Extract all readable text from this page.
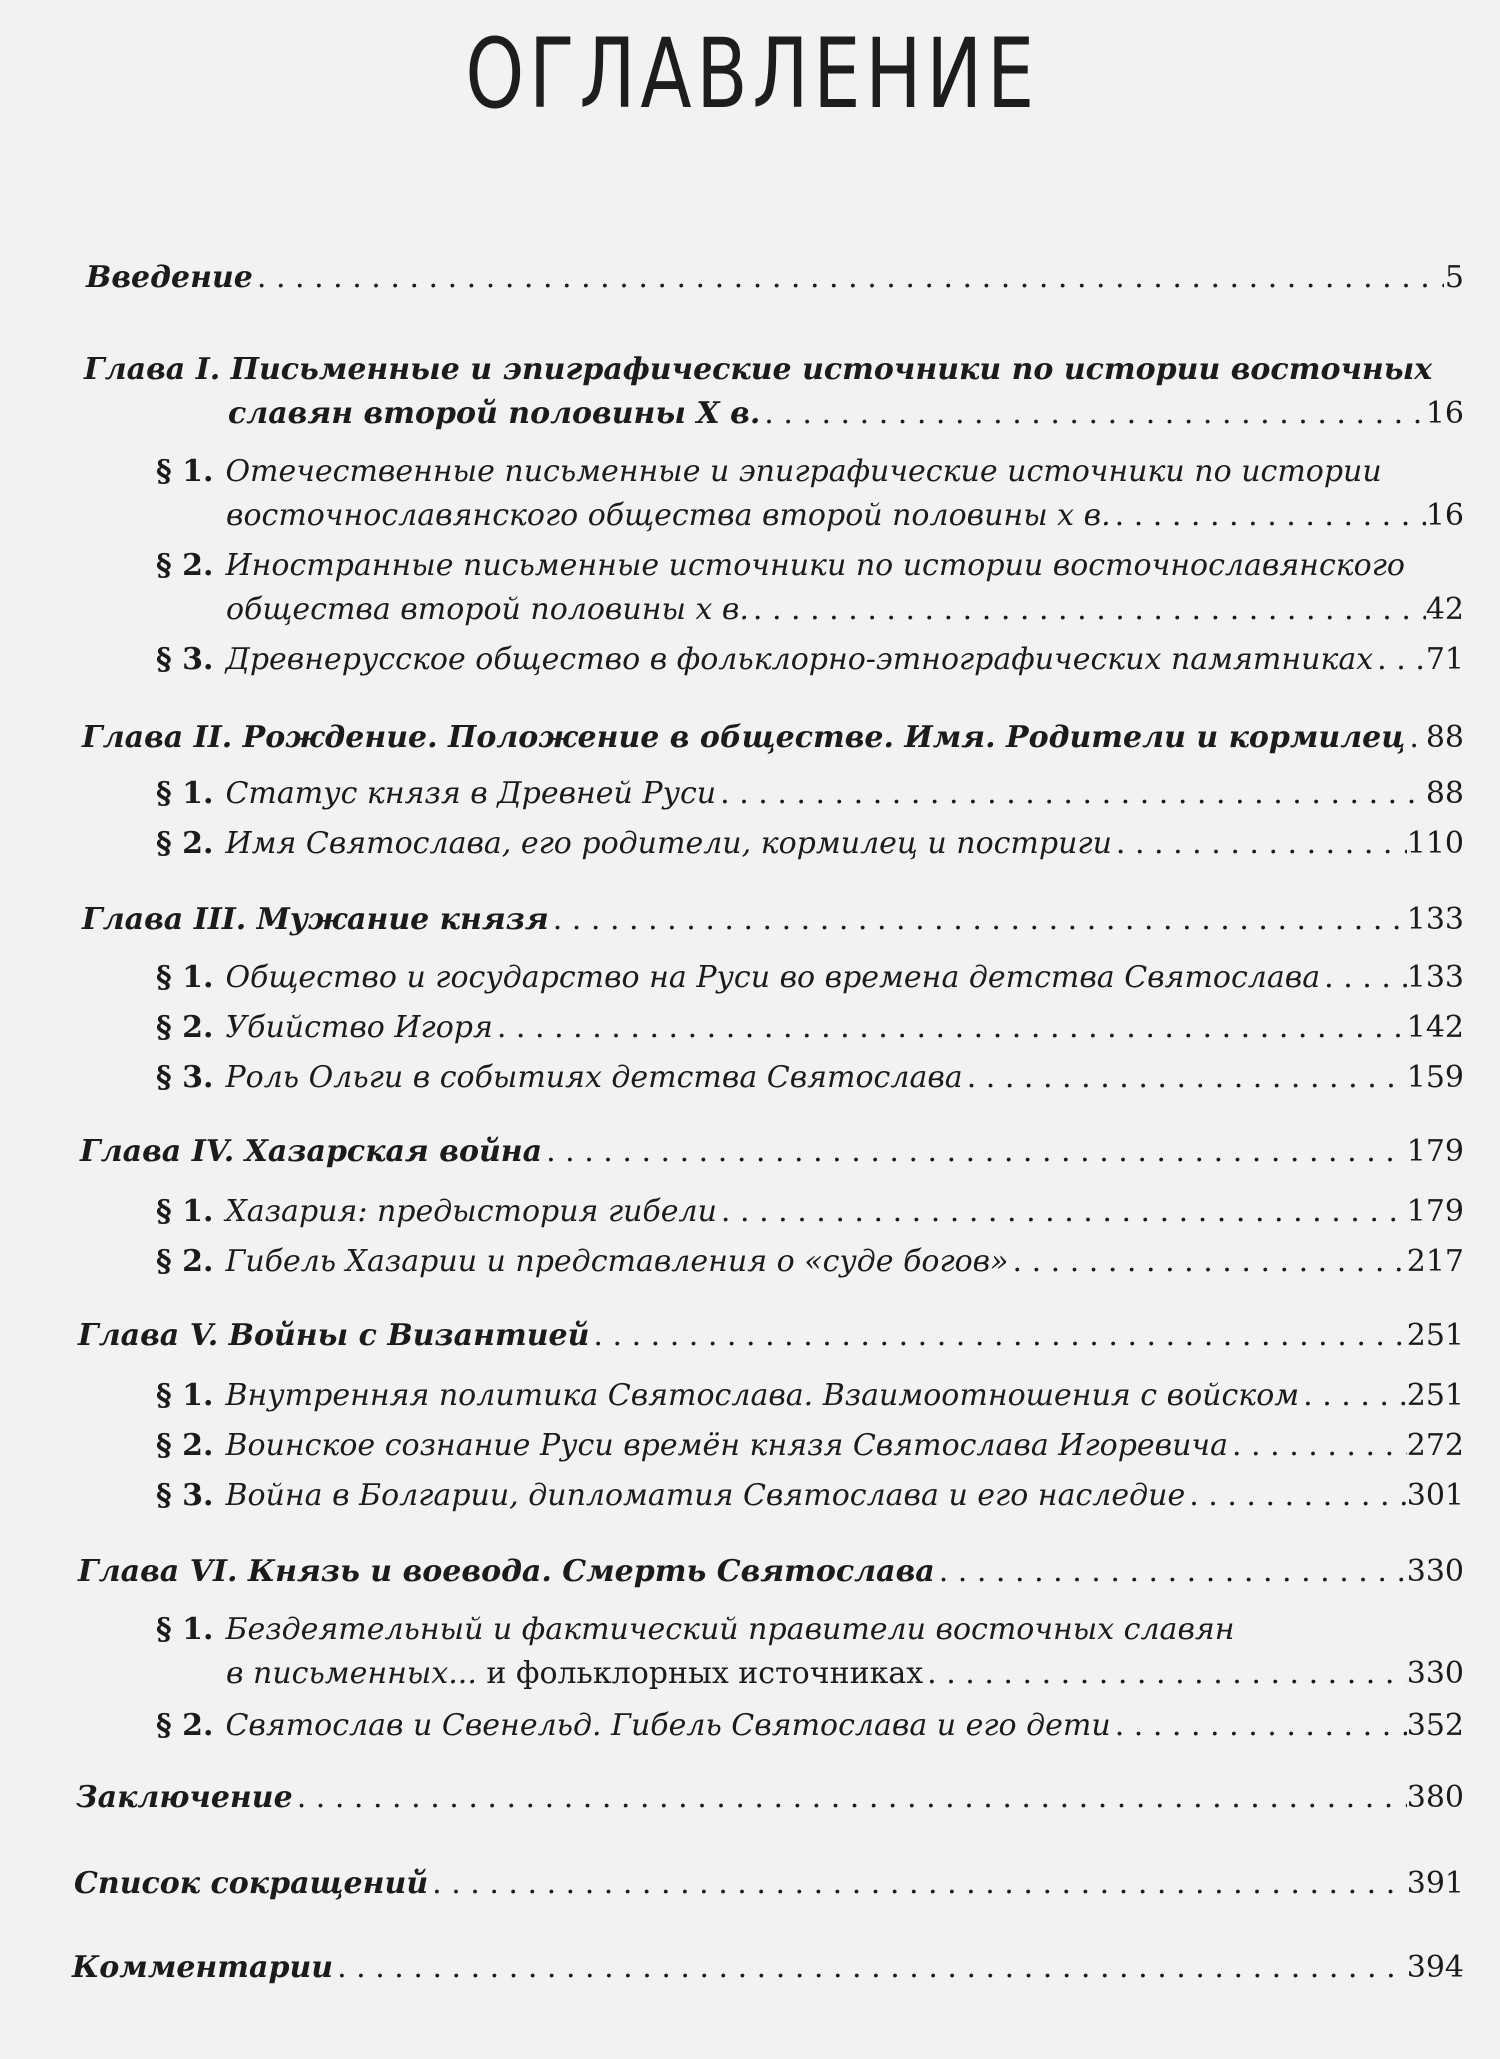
ОГЛАВЛЕНИЕ
Введение . . .	5
Глава I. Письменные и эпиграфические источники по истории восточных
славян второй половины X в. . . .	16
§ 1. Отечественные письменные и эпиграфические источники по истории
восточнославянского общества второй половины х в. . . .	16
§ 2. Иностранные письменные источники по истории восточнославянского
общества второй половины х в. . . .	42
§ 3. Древнерусское общество в фольклорно-этнографических памятниках . . . 71
Глава II. Рождение. Положение в обществе. Имя. Родители и кормилец . . . 88
§ 1. Статус князя в Древней Руси . . .	88
§ 2. Имя Святослава, его родители, кормилец и постриги . . .	110
Глава III. Мужание князя . . .	133
§ 1. Общество и государство на Руси во времена детства Святослава . . .	133
§ 2. Убийство Игоря . . .	142
§ 3. Роль Ольги в событиях детства Святослава . . .	159
Глава IV. Хазарская война . . .	179
§ 1. Хазария: предыстория гибели . . .	179
§ 2. Гибель Хазарии и представления о «суде богов» . . .	217
Глава V. Войны с Византией . . .	251
§ 1. Внутренняя политика Святослава. Взаимоотношения с войском . . .	251
§ 2. Воинское сознание Руси времён князя Святослава Игоревича . . .	272
§ 3. Война в Болгарии, дипломатия Святослава и его наследие . . .	301
Глава VI. Князь и воевода. Смерть Святослава . . .	330
§ 1. Бездеятельный и фактический правители восточных славян
в письменных... и фольклорных источниках . . .	330
§ 2. Святослав и Свенельд. Гибель Святослава и его дети . . .	352
Заключение . . .	380
Список сокращений . . .	391
Комментарии . . .	394
